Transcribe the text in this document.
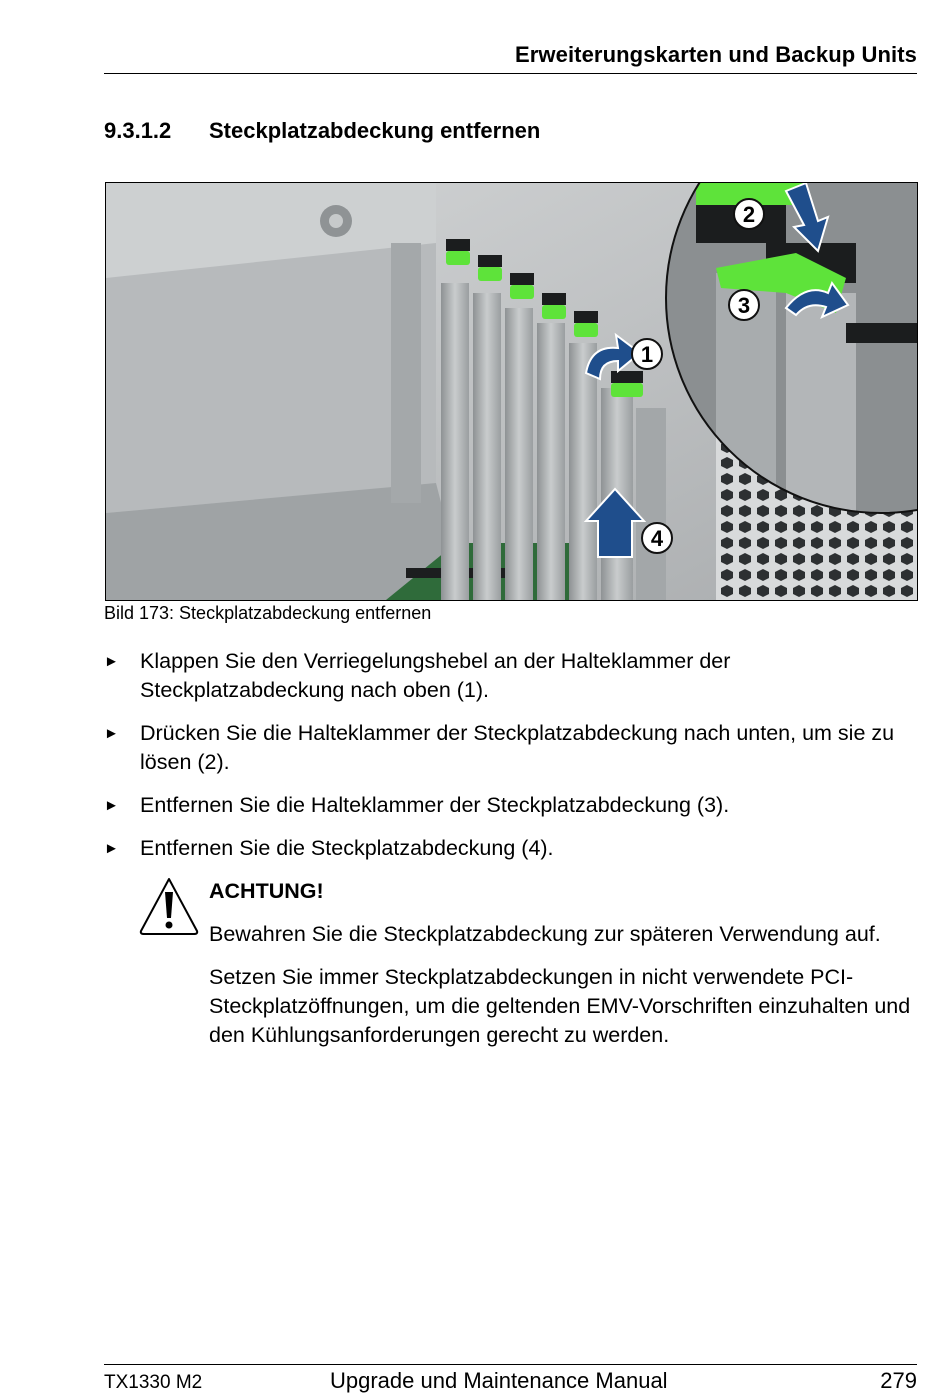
Erweiterungskarten und Backup Units
9.3.1.2 Steckplatzabdeckung entfernen
2
3
1
4
Bild 173: Steckplatzabdeckung entfernen
► Klappen Sie den Verriegelungshebel an der Halteklammer der Steckplatzabdeckung nach oben (1).
► Drücken Sie die Halteklammer der Steckplatzabdeckung nach unten, um sie zu lösen (2).
► Entfernen Sie die Halteklammer der Steckplatzabdeckung (3).
► Entfernen Sie die Steckplatzabdeckung (4).
ACHTUNG!

Bewahren Sie die Steckplatzabdeckung zur späteren Verwendung auf.

Setzen Sie immer Steckplatzabdeckungen in nicht verwendete PCI-Steckplatzöffnungen, um die geltenden EMV-Vorschriften einzuhalten und den Kühlungsanforderungen gerecht zu werden.

TX1330 M2	Upgrade und Maintenance Manual	279
